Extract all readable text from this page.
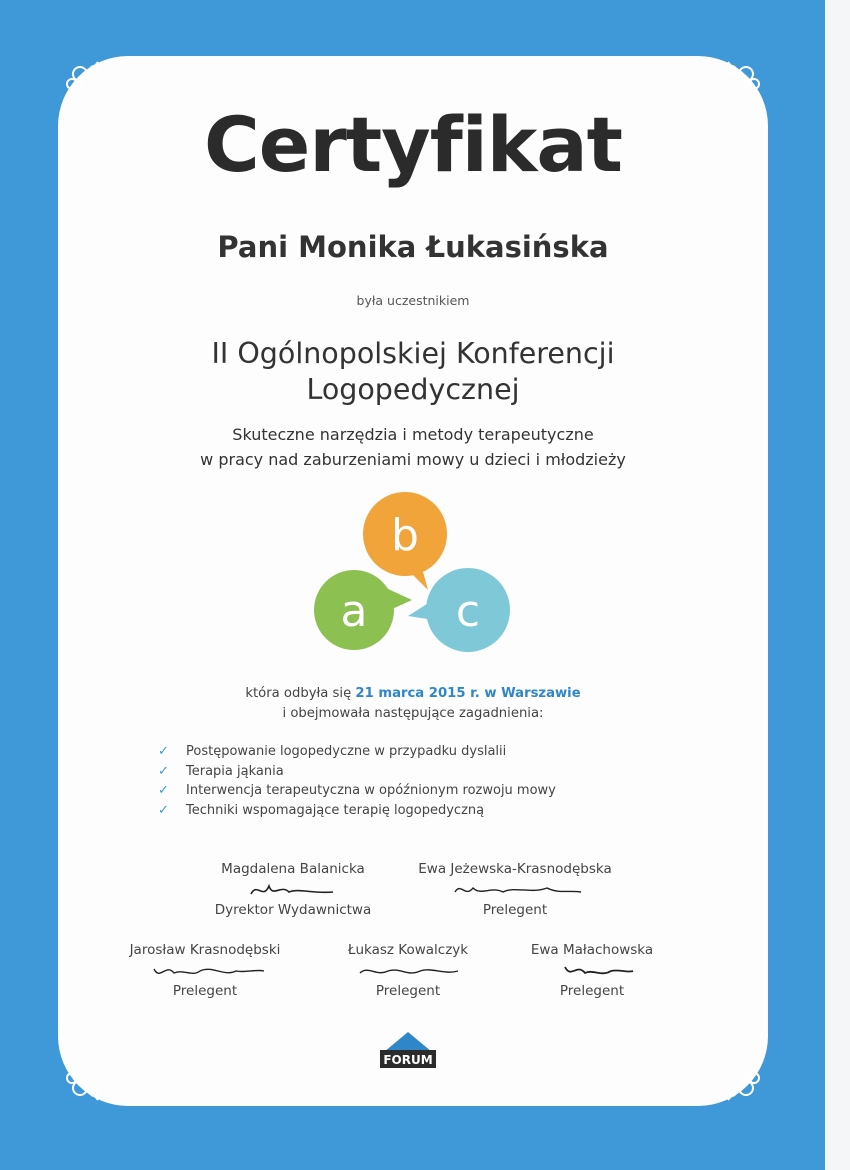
Certyfikat
Pani Monika Łukasińska
była uczestnikiem
II Ogólnopolskiej Konferencji
Logopedycznej
Skuteczne narzędzia i metody terapeutyczne
w pracy nad zaburzeniami mowy u dzieci i młodzieży
b
a c
która odbyła się 21 marca 2015 r. w Warszawie
i obejmowała następujące zagadnienia:
✓ Postępowanie logopedyczne w przypadku dyslalii
✓ Terapia jąkania
✓ Interwencja terapeutyczna w opóźnionym rozwoju mowy
✓ Techniki wspomagające terapię logopedyczną
Magdalena Balanicka
Dyrektor Wydawnictwa
Ewa Jeżewska-Krasnodębska
Prelegent
Jarosław Krasnodębski
Prelegent
Łukasz Kowalczyk
Prelegent
Ewa Małachowska
Prelegent
FORUM
